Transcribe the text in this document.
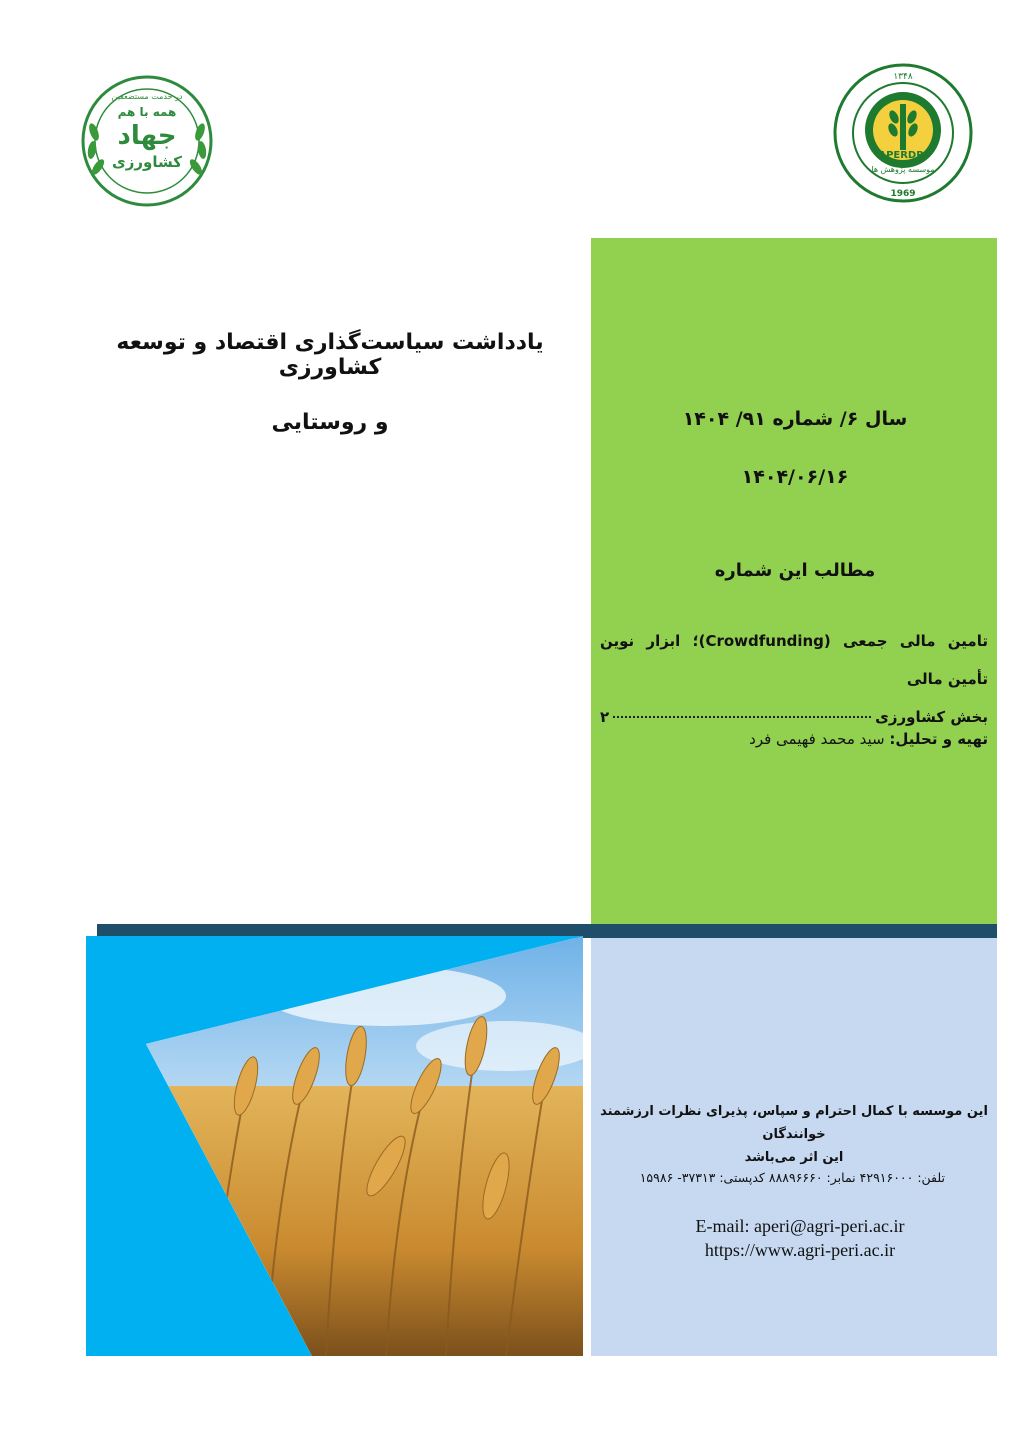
در خدمت مستضعفین
همه با هم
جهاد
کشاورزی	APERDRI
۱۳۴۸
1969
موسسه پژوهش ها
یادداشت سیاست‌گذاری اقتصاد و توسعه کشاورزی
و روستایی	سال ۶/ شماره ۹۱/ ۱۴۰۴
۱۴۰۴/۰۶/۱۶
مطالب این شماره
تامین مالی جمعی (Crowdfunding)؛ ابزار نوین تأمین مالی
بخش کشاورزی
۲
تهیه و تحلیل: سید محمد فهیمی فرد
این موسسه با کمال احترام و سپاس، پذیرای نظرات ارزشمند خوانندگان
این اثر می‌باشد
تلفن: ۴۲۹۱۶۰۰۰ نمابر: ۸۸۸۹۶۶۶۰ کدپستی: ۳۷۳۱۳- ۱۵۹۸۶
E-mail: aperi@agri-peri.ac.ir
https://www.agri-peri.ac.ir
